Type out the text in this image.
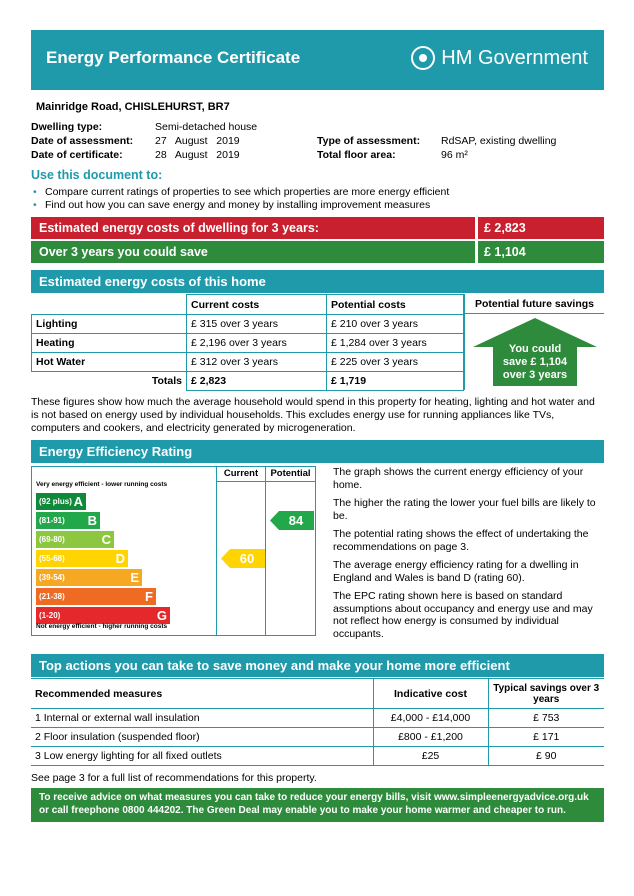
Energy Performance Certificate	HM Government
Mainridge Road, CHISLEHURST, BR7
Dwelling type:	Semi-detached house
Date of assessment:	27   August   2019
Date of certificate:	28   August   2019
Type of assessment:	RdSAP, existing dwelling
Total floor area:	96 m²
Use this document to:
• Compare current ratings of properties to see which properties are more energy efficient
• Find out how you can save energy and money by installing improvement measures
Estimated energy costs of dwelling for 3 years:	£ 2,823
Over 3 years you could save	£ 1,104
Estimated energy costs of this home
	Current costs	Potential costs
Lighting	£ 315 over 3 years	£ 210 over 3 years
Heating	£ 2,196 over 3 years	£ 1,284 over 3 years
Hot Water	£ 312 over 3 years	£ 225 over 3 years
Totals	£ 2,823	£ 1,719
Potential future savings
You could
save £ 1,104
over 3 years
These figures show how much the average household would spend in this property for heating, lighting and hot water and is not based on energy used by individual households. This excludes energy use for running appliances like TVs, computers and cookers, and electricity generated by microgeneration.
Energy Efficiency Rating
Current	Potential
Very energy efficient - lower running costs
(92 plus) A
(81-91) B
(69-80)	C
(55-68)	D
(39-54)	E
(21-38)	F
(1-20)	G
Not energy efficient - higher running costs
60
84

The graph shows the current energy efficiency of your home.

The higher the rating the lower your fuel bills are likely to be.

The potential rating shows the effect of undertaking the recommendations on page 3.

The average energy efficiency rating for a dwelling in England and Wales is band D (rating 60).

The EPC rating shown here is based on standard assumptions about occupancy and energy use and may not reflect how energy is consumed by individual occupants.

Top actions you can take to save money and make your home more efficient
Recommended measures	Indicative cost	Typical savings over 3 years
1 Internal or external wall insulation	£4,000 - £14,000	£ 753
2 Floor insulation (suspended floor)	£800 - £1,200	£ 171
3 Low energy lighting for all fixed outlets	£25	£ 90
See page 3 for a full list of recommendations for this property.
To receive advice on what measures you can take to reduce your energy bills, visit www.simpleenergyadvice.org.uk or call freephone 0800 444202. The Green Deal may enable you to make your home warmer and cheaper to run.
